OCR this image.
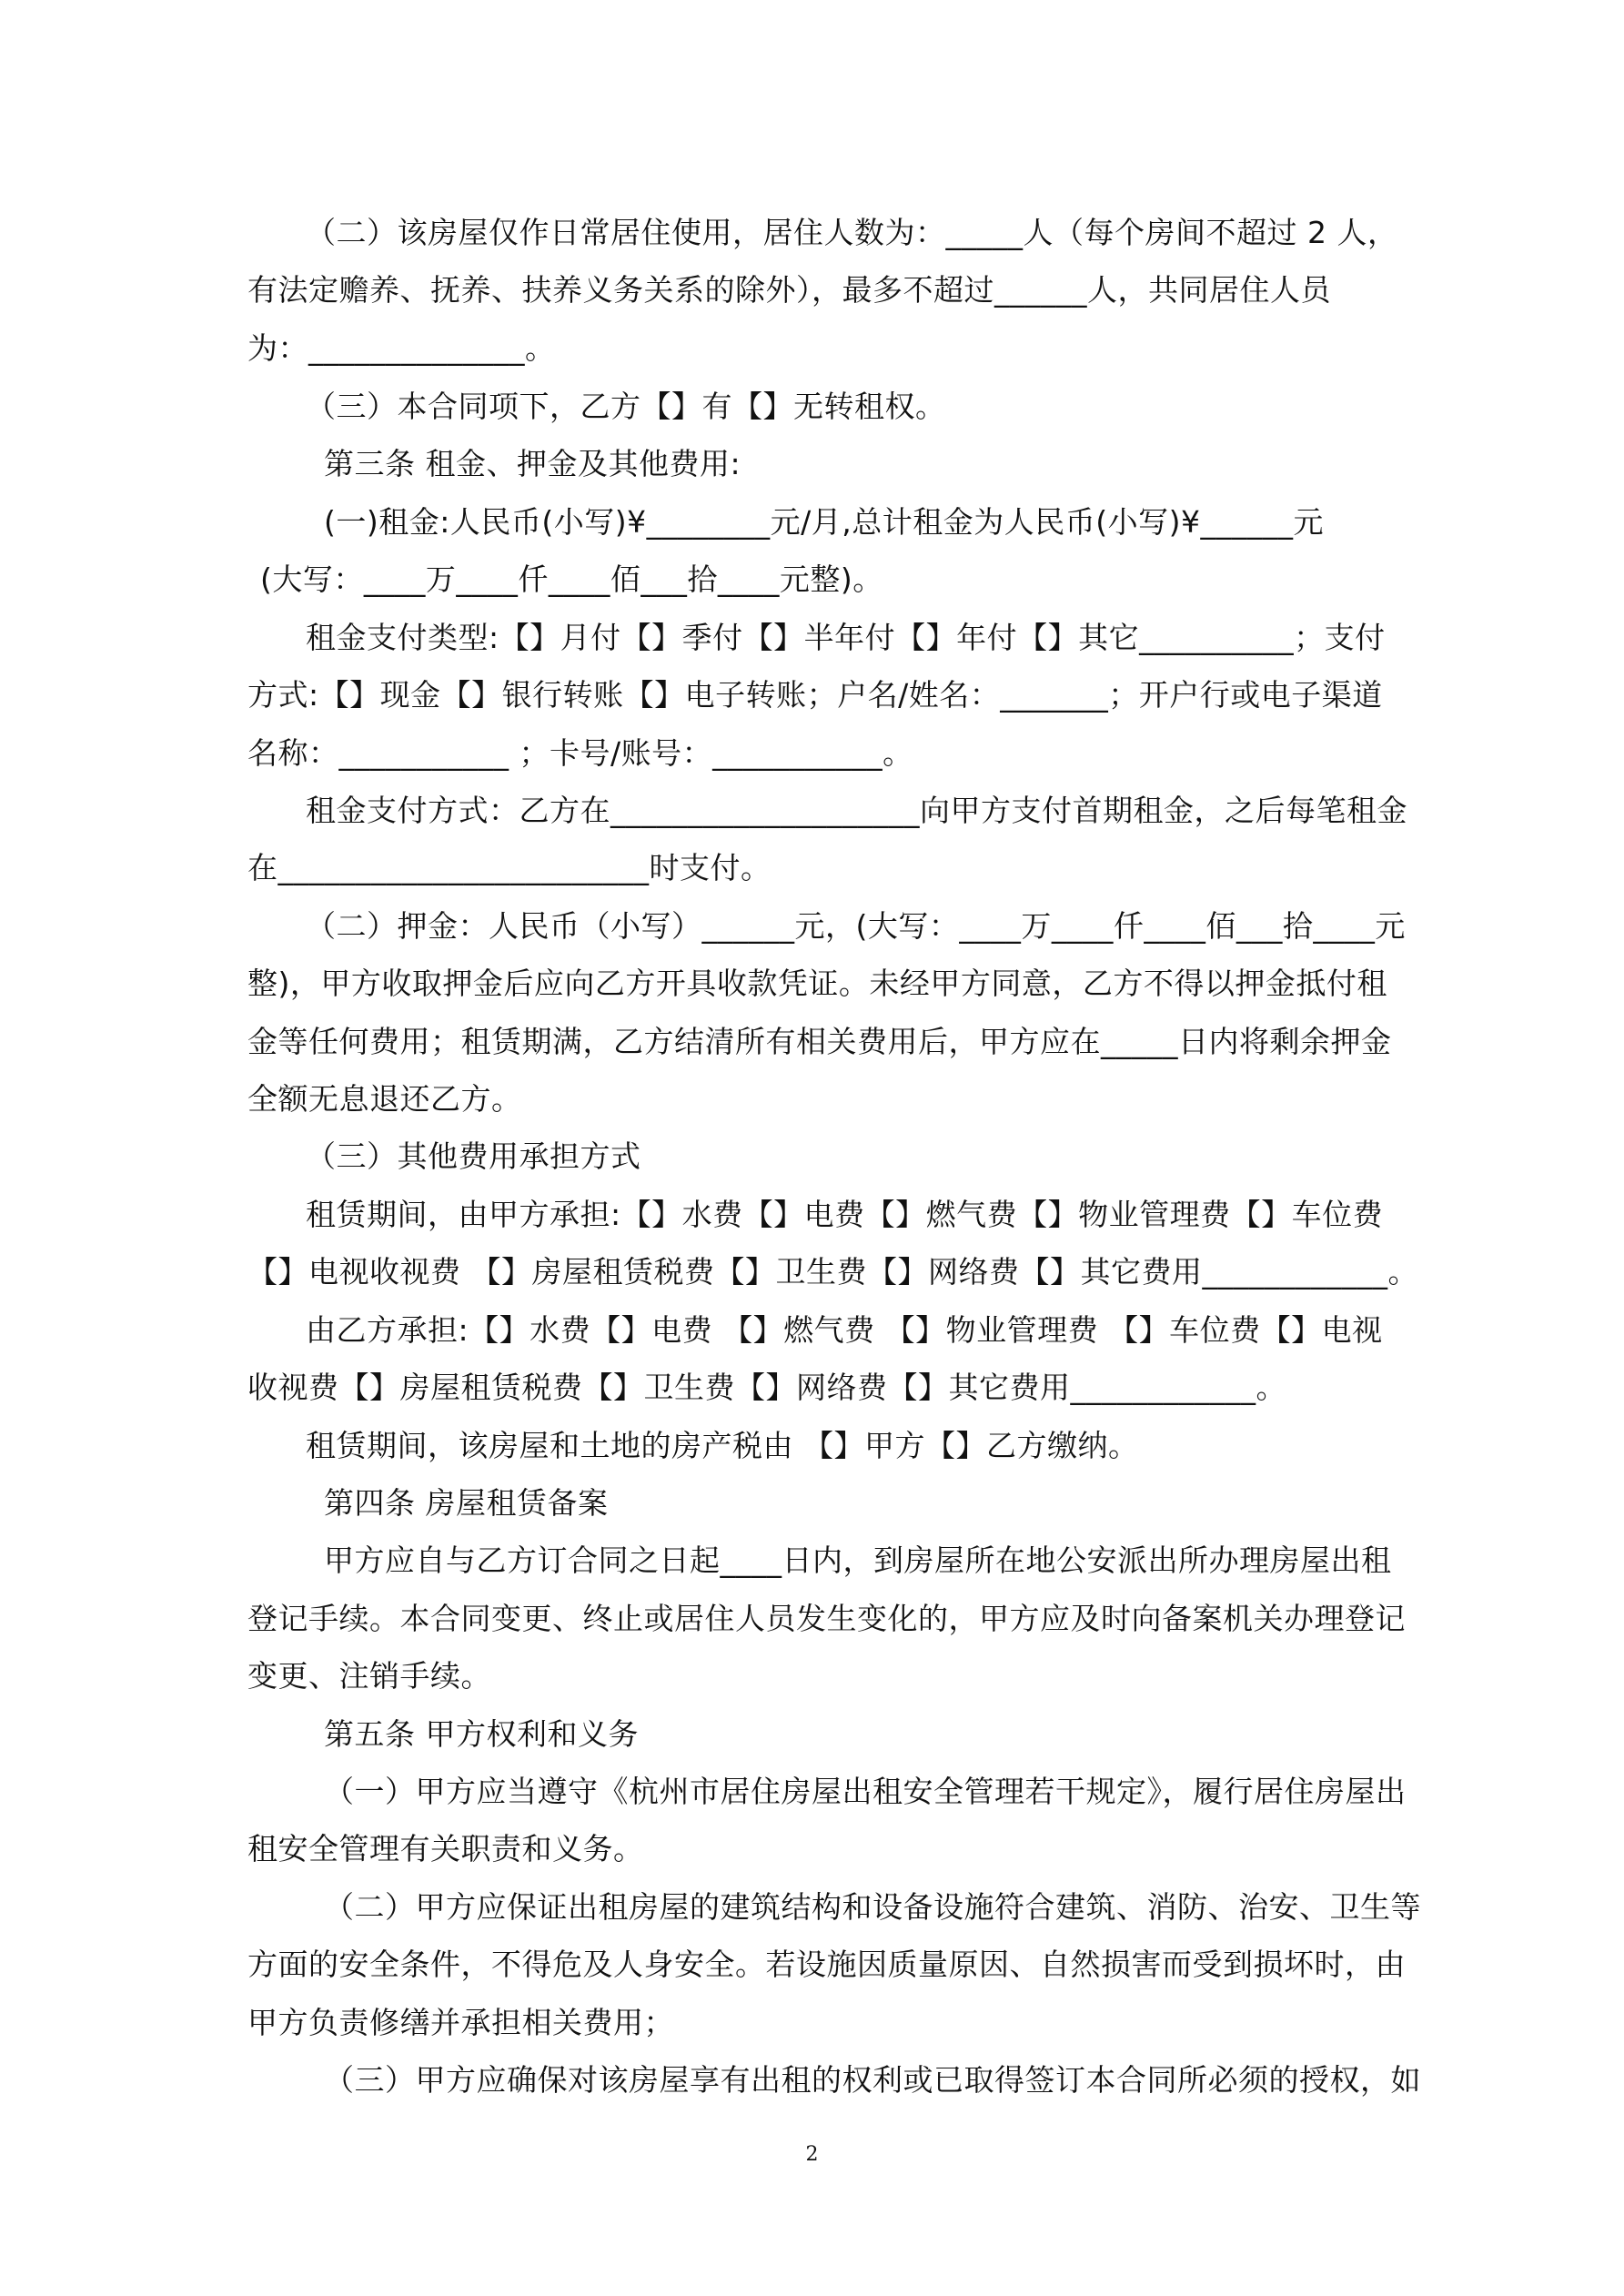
（二）该房屋仅作日常居住使用，居住人数为：_____人（每个房间不超过 2 人，
有法定赡养、抚养、扶养义务关系的除外），最多不超过______人，共同居住人员
为：______________。
（三）本合同项下，乙方【】有【】无转租权。
第三条 租金、押金及其他费用:
(一)租金:人民币(小写)¥________元/月,总计租金为人民币(小写)¥______元
(大写：____万____仟____佰___拾____元整)。
租金支付类型:【】月付【】季付【】半年付【】年付【】其它__________；支付
方式:【】现金【】银行转账【】电子转账；户名/姓名：_______；开户行或电子渠道
名称：___________ ；卡号/账号：___________。
租金支付方式：乙方在____________________向甲方支付首期租金，之后每笔租金
在________________________时支付。
（二）押金：人民币（小写）______元，(大写：____万____仟____佰___拾____元
整)，甲方收取押金后应向乙方开具收款凭证。未经甲方同意，乙方不得以押金抵付租
金等任何费用；租赁期满，乙方结清所有相关费用后，甲方应在_____日内将剩余押金
全额无息退还乙方。
（三）其他费用承担方式
租赁期间，由甲方承担:【】水费【】电费【】燃气费【】物业管理费【】车位费
【】电视收视费 【】房屋租赁税费【】卫生费【】网络费【】其它费用____________。
由乙方承担:【】水费【】电费 【】燃气费 【】物业管理费 【】车位费【】电视
收视费【】房屋租赁税费【】卫生费【】网络费【】其它费用____________。
租赁期间，该房屋和土地的房产税由 【】甲方【】乙方缴纳。
第四条 房屋租赁备案
甲方应自与乙方订合同之日起____日内，到房屋所在地公安派出所办理房屋出租
登记手续。本合同变更、终止或居住人员发生变化的，甲方应及时向备案机关办理登记
变更、注销手续。
第五条 甲方权利和义务
（一）甲方应当遵守《杭州市居住房屋出租安全管理若干规定》，履行居住房屋出
租安全管理有关职责和义务。
（二）甲方应保证出租房屋的建筑结构和设备设施符合建筑、消防、治安、卫生等
方面的安全条件，不得危及人身安全。若设施因质量原因、自然损害而受到损坏时，由
甲方负责修缮并承担相关费用；
（三）甲方应确保对该房屋享有出租的权利或已取得签订本合同所必须的授权，如
2
